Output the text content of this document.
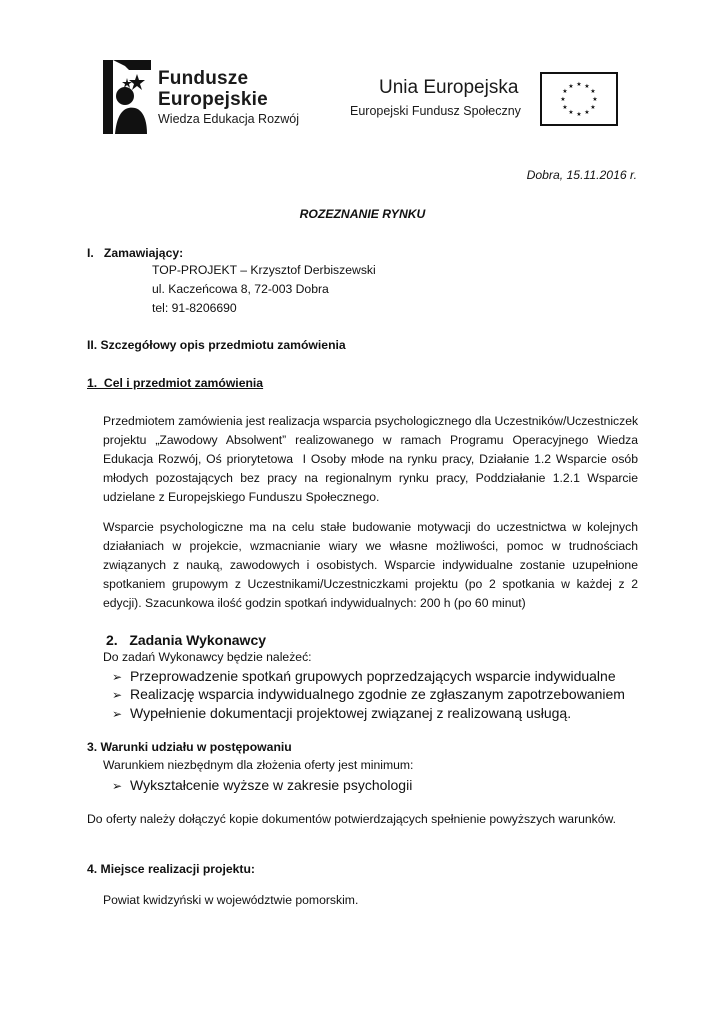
Fundusze
Europejskie
Wiedza Edukacja Rozwój
Unia Europejska
Europejski Fundusz Społeczny
★ ★
★
★
★
★
★
★
★
★
★
★
Dobra, 15.11.2016 r.
ROZEZNANIE RYNKU
I.   Zamawiający:
TOP-PROJEKT – Krzysztof Derbiszewski
ul. Kaczeńcowa 8, 72-003 Dobra
tel: 91-8206690
II. Szczegółowy opis przedmiotu zamówienia
1.  Cel i przedmiot zamówienia
Przedmiotem zamówienia jest realizacja wsparcia psychologicznego dla Uczestników/Uczestniczek
projektu „Zawodowy Absolwent” realizowanego w ramach Programu Operacyjnego Wiedza
Edukacja Rozwój, Oś priorytetowa  I Osoby młode na rynku pracy, Działanie 1.2 Wsparcie osób
młodych pozostających bez pracy na regionalnym rynku pracy, Poddziałanie 1.2.1 Wsparcie
udzielane z Europejskiego Funduszu Społecznego.
Wsparcie psychologiczne ma na celu stałe budowanie motywacji do uczestnictwa w kolejnych
działaniach w projekcie, wzmacnianie wiary we własne możliwości, pomoc w trudnościach
związanych z nauką, zawodowych i osobistych. Wsparcie indywidualne zostanie uzupełnione
spotkaniem grupowym z Uczestnikami/Uczestniczkami projektu (po 2 spotkania w każdej z 2
edycji). Szacunkowa ilość godzin spotkań indywidualnych: 200 h (po 60 minut)
2.   Zadania Wykonawcy
Do zadań Wykonawcy będzie należeć:
➢ Przeprowadzenie spotkań grupowych poprzedzających wsparcie indywidualne
➢ Realizację wsparcia indywidualnego zgodnie ze zgłaszanym zapotrzebowaniem
➢ Wypełnienie dokumentacji projektowej związanej z realizowaną usługą.
3. Warunki udziału w postępowaniu
Warunkiem niezbędnym dla złożenia oferty jest minimum:
➢ Wykształcenie wyższe w zakresie psychologii
Do oferty należy dołączyć kopie dokumentów potwierdzających spełnienie powyższych warunków.
4. Miejsce realizacji projektu:
Powiat kwidzyński w województwie pomorskim.
